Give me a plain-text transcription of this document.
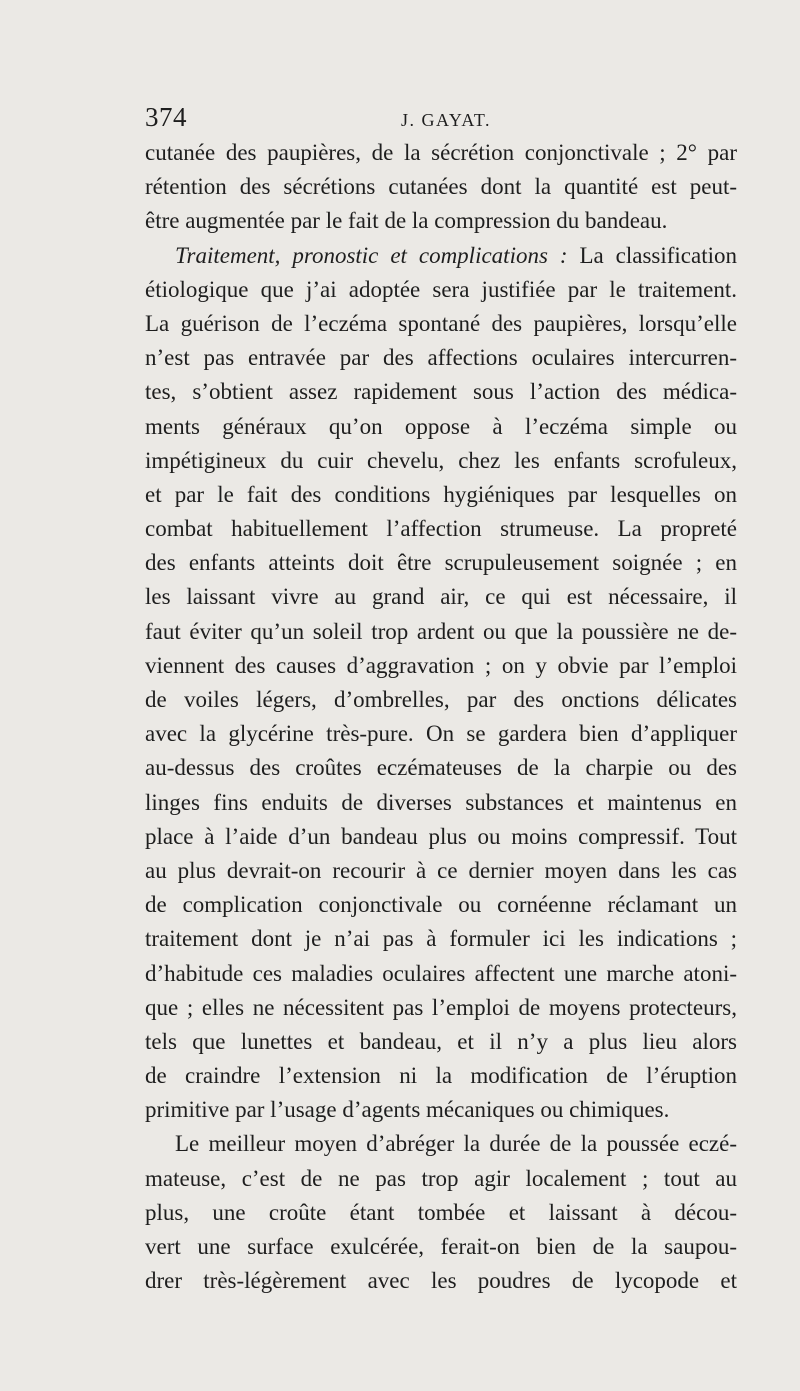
374	J. GAYAT.
cutanée des paupières, de la sécrétion conjonctivale ; 2° par
rétention des sécrétions cutanées dont la quantité est peut-
être augmentée par le fait de la compression du bandeau.
Traitement, pronostic et complications : La classification
étiologique que j’ai adoptée sera justifiée par le traitement.
La guérison de l’eczéma spontané des paupières, lorsqu’elle
n’est pas entravée par des affections oculaires intercurren-
tes, s’obtient assez rapidement sous l’action des médica-
ments généraux qu’on oppose à l’eczéma simple ou
impétigineux du cuir chevelu, chez les enfants scrofuleux,
et par le fait des conditions hygiéniques par lesquelles on
combat habituellement l’affection strumeuse. La propreté
des enfants atteints doit être scrupuleusement soignée ; en
les laissant vivre au grand air, ce qui est nécessaire, il
faut éviter qu’un soleil trop ardent ou que la poussière ne de-
viennent des causes d’aggravation ; on y obvie par l’emploi
de voiles légers, d’ombrelles, par des onctions délicates
avec la glycérine très-pure. On se gardera bien d’appliquer
au-dessus des croûtes eczémateuses de la charpie ou des
linges fins enduits de diverses substances et maintenus en
place à l’aide d’un bandeau plus ou moins compressif. Tout
au plus devrait-on recourir à ce dernier moyen dans les cas
de complication conjonctivale ou cornéenne réclamant un
traitement dont je n’ai pas à formuler ici les indications ;
d’habitude ces maladies oculaires affectent une marche atoni-
que ; elles ne nécessitent pas l’emploi de moyens protecteurs,
tels que lunettes et bandeau, et il n’y a plus lieu alors
de craindre l’extension ni la modification de l’éruption
primitive par l’usage d’agents mécaniques ou chimiques.
Le meilleur moyen d’abréger la durée de la poussée eczé-
mateuse, c’est de ne pas trop agir localement ; tout au
plus, une croûte étant tombée et laissant à décou-
vert une surface exulcérée, ferait-on bien de la saupou-
drer très-légèrement avec les poudres de lycopode et
